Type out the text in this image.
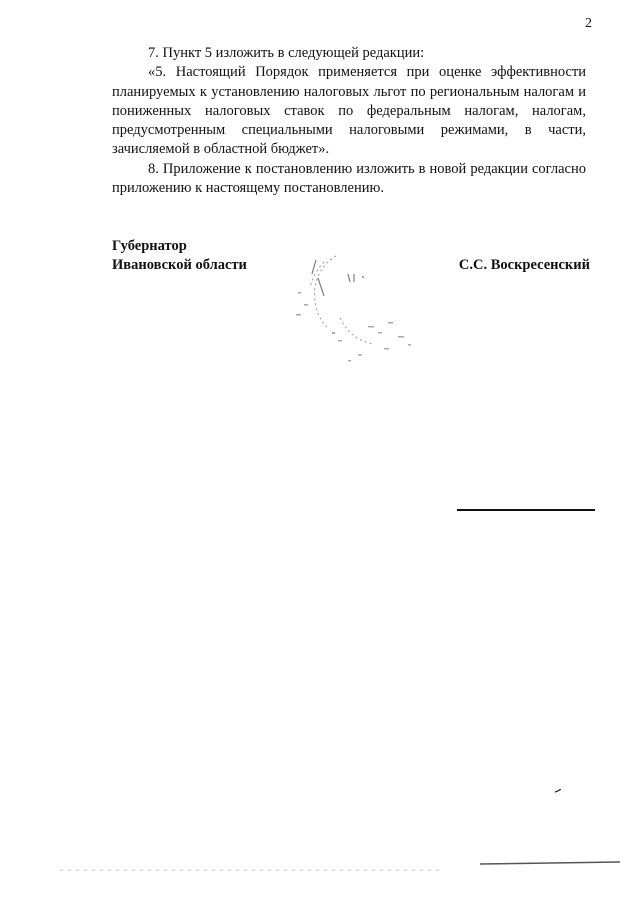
2

7. Пункт 5 изложить в следующей редакции:

«5. Настоящий Порядок применяется при оценке эффективности планируемых к установлению налоговых льгот по региональным налогам и пониженных налоговых ставок по федеральным налогам, налогам, предусмотренным специальными налоговыми режимами, в части, зачисляемой в областной бюджет».

8. Приложение к постановлению изложить в новой редакции согласно приложению к настоящему постановлению.

Губернатор
Ивановской области	С.С. Воскресенский
